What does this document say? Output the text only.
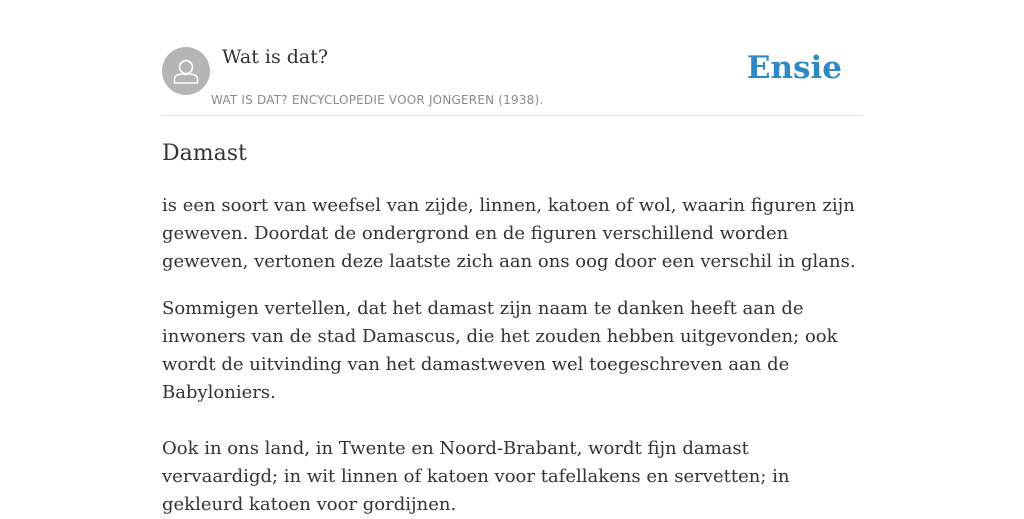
Wat is dat?
WAT IS DAT? ENCYCLOPEDIE VOOR JONGEREN (1938).
Ensie
Damast

is een soort van weefsel van zijde, linnen, katoen of wol, waarin figuren zijn geweven. Doordat de ondergrond en de figuren verschillend worden geweven, vertonen deze laatste zich aan ons oog door een verschil in glans.

Sommigen vertellen, dat het damast zijn naam te danken heeft aan de inwoners van de stad Damascus, die het zouden hebben uitgevonden; ook wordt de uitvinding van het damastweven wel toegeschreven aan de Babyloniers.

Ook in ons land, in Twente en Noord-Brabant, wordt fijn damast vervaardigd; in wit linnen of katoen voor tafellakens en servetten; in gekleurd katoen voor gordijnen.
